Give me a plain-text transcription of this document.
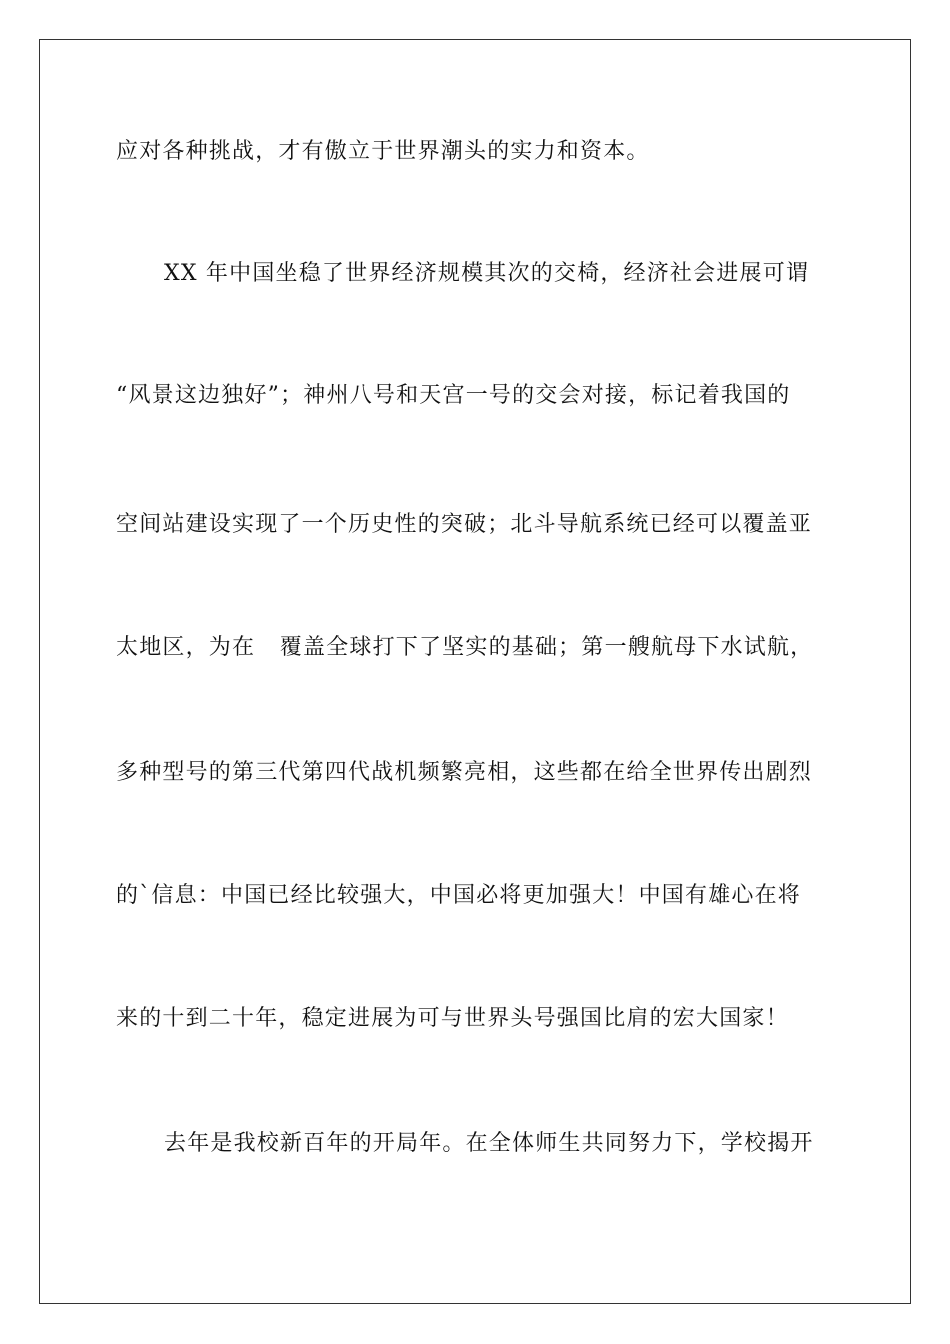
应对各种挑战，才有傲立于世界潮头的实力和资本。
XX 年中国坐稳了世界经济规模其次的交椅，经济社会进展可谓
“风景这边独好”；神州八号和天宫一号的交会对接，标记着我国的
空间站建设实现了一个历史性的突破；北斗导航系统已经可以覆盖亚
太地区，为在   覆盖全球打下了坚实的基础；第一艘航母下水试航，
多种型号的第三代第四代战机频繁亮相，这些都在给全世界传出剧烈
的`信息：中国已经比较强大，中国必将更加强大！中国有雄心在将
来的十到二十年，稳定进展为可与世界头号强国比肩的宏大国家！
去年是我校新百年的开局年。在全体师生共同努力下，学校揭开
